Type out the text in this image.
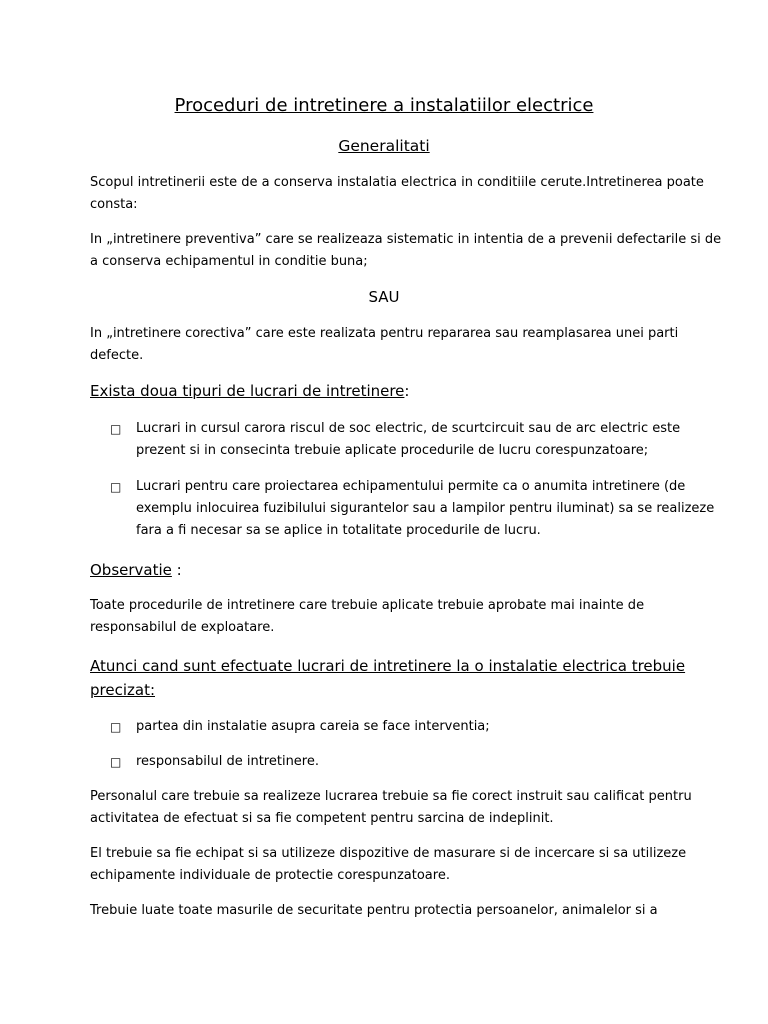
Proceduri de intretinere a instalatiilor electrice
Generalitati
Scopul intretinerii este de a conserva instalatia electrica in conditiile cerute.Intretinerea poate
consta:
In „intretinere preventiva” care se realizeaza sistematic in intentia de a prevenii defectarile si de
a conserva echipamentul in conditie buna;
SAU
In „intretinere corectiva” care este realizata pentru repararea sau reamplasarea unei parti
defecte.
Exista doua tipuri de lucrari de intretinere:
□ Lucrari in cursul carora riscul de soc electric, de scurtcircuit sau de arc electric este
prezent si in consecinta trebuie aplicate procedurile de lucru corespunzatoare;
□ Lucrari pentru care proiectarea echipamentului permite ca o anumita intretinere (de
exemplu inlocuirea fuzibilului sigurantelor sau a lampilor pentru iluminat) sa se realizeze
fara a fi necesar sa se aplice in totalitate procedurile de lucru.
Observatie :
Toate procedurile de intretinere care trebuie aplicate trebuie aprobate mai inainte de
responsabilul de exploatare.
Atunci cand sunt efectuate lucrari de intretinere la o instalatie electrica trebuie
precizat:
□ partea din instalatie asupra careia se face interventia;
□ responsabilul de intretinere.
Personalul care trebuie sa realizeze lucrarea trebuie sa fie corect instruit sau calificat pentru
activitatea de efectuat si sa fie competent pentru sarcina de indeplinit.
El trebuie sa fie echipat si sa utilizeze dispozitive de masurare si de incercare si sa utilizeze
echipamente individuale de protectie corespunzatoare.
Trebuie luate toate masurile de securitate pentru protectia persoanelor, animalelor si a
